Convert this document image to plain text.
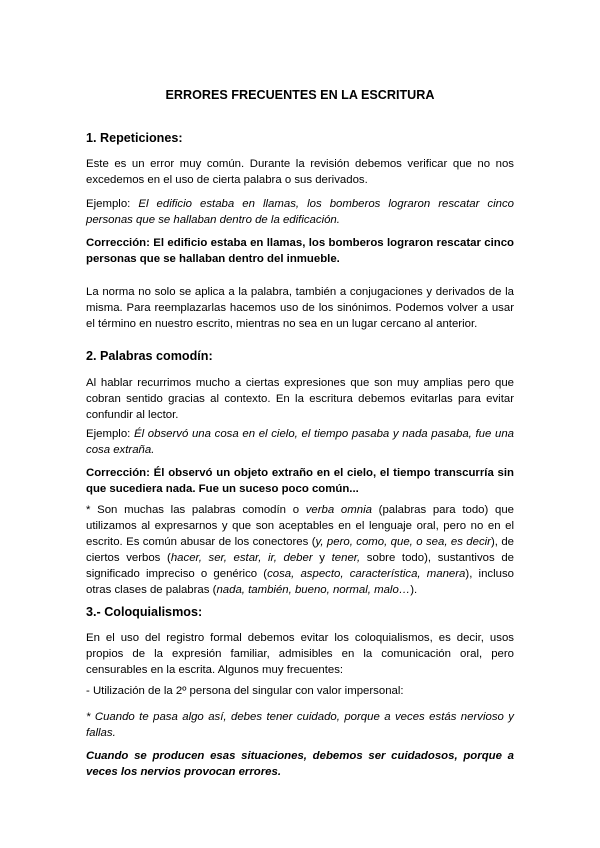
ERRORES FRECUENTES EN LA ESCRITURA
1. Repeticiones:

Este es un error muy común. Durante la revisión debemos verificar que no nos excedemos en el uso de cierta palabra o sus derivados.

Ejemplo: El edificio estaba en llamas, los bomberos lograron rescatar cinco personas que se hallaban dentro de la edificación.

Corrección: El edificio estaba en llamas, los bomberos lograron rescatar cinco personas que se hallaban dentro del inmueble.

La norma no solo se aplica a la palabra, también a conjugaciones y derivados de la misma. Para reemplazarlas hacemos uso de los sinónimos. Podemos volver a usar el término en nuestro escrito, mientras no sea en un lugar cercano al anterior.

2. Palabras comodín:

Al hablar recurrimos mucho a ciertas expresiones que son muy amplias pero que cobran sentido gracias al contexto. En la escritura debemos evitarlas para evitar confundir al lector.

Ejemplo: Él observó una cosa en el cielo, el tiempo pasaba y nada pasaba, fue una cosa extraña.

Corrección: Él observó un objeto extraño en el cielo, el tiempo transcurría sin que sucediera nada. Fue un suceso poco común...

* Son muchas las palabras comodín o verba omnia (palabras para todo) que utilizamos al expresarnos y que son aceptables en el lenguaje oral, pero no en el escrito. Es común abusar de los conectores (y, pero, como, que, o sea, es decir), de ciertos verbos (hacer, ser, estar, ir, deber y tener, sobre todo), sustantivos de significado impreciso o genérico (cosa, aspecto, característica, manera), incluso otras clases de palabras (nada, también, bueno, normal, malo…).

3.- Coloquialismos:

En el uso del registro formal debemos evitar los coloquialismos, es decir, usos propios de la expresión familiar, admisibles en la comunicación oral, pero censurables en la escrita. Algunos muy frecuentes:

- Utilización de la 2º persona del singular con valor impersonal:

* Cuando te pasa algo así, debes tener cuidado, porque a veces estás nervioso y fallas.

Cuando se producen esas situaciones, debemos ser cuidadosos, porque a veces los nervios provocan errores.
